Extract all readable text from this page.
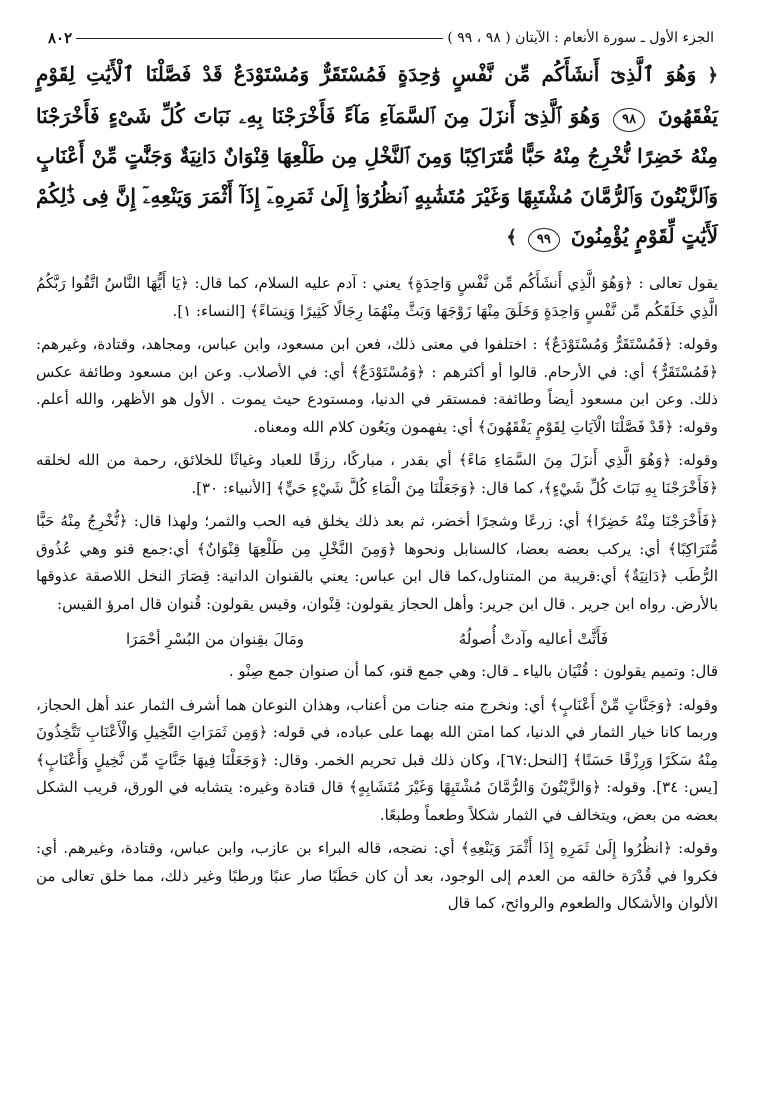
الجزء الأول ـ سورة الأنعام : الآيتان ( ٩٨ ، ٩٩ )
٨٠٢
﴿ وَهُوَ ٱلَّذِىٓ أَنشَأَكُم مِّن نَّفْسٍ وَٰحِدَةٍ فَمُسْتَقَرٌّ وَمُسْتَوْدَعٌ قَدْ فَصَّلْنَا ٱلْأَيَٰتِ لِقَوْمٍ يَفْقَهُونَ ٩٨ وَهُوَ ٱلَّذِىٓ أَنزَلَ مِنَ ٱلسَّمَآءِ مَآءً فَأَخْرَجْنَا بِهِۦ نَبَاتَ كُلِّ شَىْءٍ فَأَخْرَجْنَا مِنْهُ خَضِرًا نُّخْرِجُ مِنْهُ حَبًّا مُّتَرَاكِبًا وَمِنَ ٱلنَّخْلِ مِن طَلْعِهَا قِنْوَانٌ دَانِيَةٌ وَجَنَّٰتٍ مِّنْ أَعْنَابٍ وَٱلزَّيْتُونَ وَٱلرُّمَّانَ مُشْتَبِهًا وَغَيْرَ مُتَشَٰبِهٍ ٱنظُرُوٓا۟ إِلَىٰ ثَمَرِهِۦٓ إِذَآ أَثْمَرَ وَيَنْعِهِۦٓ إِنَّ فِى ذَٰلِكُمْ لَأَيَٰتٍ لِّقَوْمٍ يُؤْمِنُونَ ٩٩ ﴾

يقول تعالى : ﴿وَهُوَ الَّذِي أَنشَأَكُم مِّن نَّفْسٍ وَاحِدَةٍ﴾ يعني : آدم عليه السلام، كما قال: ﴿يَا أَيُّهَا النَّاسُ اتَّقُوا رَبَّكُمُ الَّذِي خَلَقَكُم مِّن نَّفْسٍ وَاحِدَةٍ وَخَلَقَ مِنْهَا زَوْجَهَا وَبَثَّ مِنْهُمَا رِجَالًا كَثِيرًا وَنِسَاءً﴾ [النساء: ١].

وقوله: ﴿فَمُسْتَقَرٌّ وَمُسْتَوْدَعٌ﴾ : اختلفوا في معنى ذلك، فعن ابن مسعود، وابن عباس، ومجاهد، وقتادة، وغيرهم: ﴿فَمُسْتَقَرٌّ﴾ أي: في الأرحام. قالوا أو أكثرهم : ﴿وَمُسْتَوْدَعٌ﴾ أي: في الأصلاب. وعن ابن مسعود وطائفة عكس ذلك. وعن ابن مسعود أيضاً وطائفة: فمستقر في الدنيا، ومستودع حيث يموت . الأول هو الأظهر، والله أعلم. وقوله: ﴿قَدْ فَصَّلْنَا الْآيَاتِ لِقَوْمٍ يَفْقَهُونَ﴾ أي: يفهمون ويَعُون كلام الله ومعناه.

وقوله: ﴿وَهُوَ الَّذِي أَنزَلَ مِنَ السَّمَاءِ مَاءً﴾ أي بقدر ، مباركًا، رزقًا للعباد وغياثًا للخلائق، رحمة من الله لخلقه ﴿فَأَخْرَجْنَا بِهِ نَبَاتَ كُلِّ شَيْءٍ﴾، كما قال: ﴿وَجَعَلْنَا مِنَ الْمَاءِ كُلَّ شَيْءٍ حَيٍّ﴾ [الأنبياء: ٣٠].

﴿فَأَخْرَجْنَا مِنْهُ خَضِرًا﴾ أي: زرعًا وشجرًا أخضر، ثم بعد ذلك يخلق فيه الحب والثمر؛ ولهذا قال: ﴿نُّخْرِجُ مِنْهُ حَبًّا مُّتَرَاكِبًا﴾ أي: يركب بعضه بعضا، كالسنابل ونحوها ﴿وَمِنَ النَّخْلِ مِن طَلْعِهَا قِنْوَانٌ﴾ أي:جمع قنو وهي عُذُوق الرُّطَب ﴿دَانِيَةٌ﴾ أي:قريبة من المتناول،كما قال ابن عباس: يعني بالقنوان الدانية: قِصَارَ النخل اللاصقة عذوقها بالأرض. رواه ابن جرير . قال ابن جرير: وأهل الحجاز يقولون: قِنْوان، وقيس يقولون: قُنوان قال امرؤ القيس:

فَأَثَّتْ أعاليه وآدتْ أُصولُهُ
ومَالَ بقِنوان من البُسْرِ أحْمَرَا

قال: وتميم يقولون : قُنْيَان بالياء ـ قال: وهي جمع قنو، كما أن صنوان جمع صِنْو .

وقوله: ﴿وَجَنَّاتٍ مِّنْ أَعْنَابٍ﴾ أي: ونخرج منه جنات من أعناب، وهذان النوعان هما أشرف الثمار عند أهل الحجاز، وربما كانا خيار الثمار في الدنيا، كما امتن الله بهما على عباده، في قوله: ﴿وَمِن ثَمَرَاتِ النَّخِيلِ وَالْأَعْنَابِ تَتَّخِذُونَ مِنْهُ سَكَرًا وَرِزْقًا حَسَنًا﴾ [النحل:٦٧]، وكان ذلك قبل تحريم الخمر. وقال: ﴿وَجَعَلْنَا فِيهَا جَنَّاتٍ مِّن نَّخِيلٍ وَأَعْنَابٍ﴾ [يس: ٣٤]. وقوله: ﴿وَالزَّيْتُونَ وَالرُّمَّانَ مُشْتَبِهًا وَغَيْرَ مُتَشَابِهٍ﴾ قال قتادة وغيره: يتشابه في الورق، قريب الشكل بعضه من بعض، ويتخالف في الثمار شكلاً وطعماً وطبعًا.

وقوله: ﴿انظُرُوا إِلَىٰ ثَمَرِهِ إِذَا أَثْمَرَ وَيَنْعِهِ﴾ أي: نضجه، قاله البراء بن عازب، وابن عباس، وقتادة، وغيرهم. أي: فكروا في قُدْرَة خالقه من العدم إلى الوجود، بعد أن كان حَطَبًا صار عنبًا ورطبًا وغير ذلك، مما خلق تعالى من الألوان والأشكال والطعوم والروائح، كما قال
